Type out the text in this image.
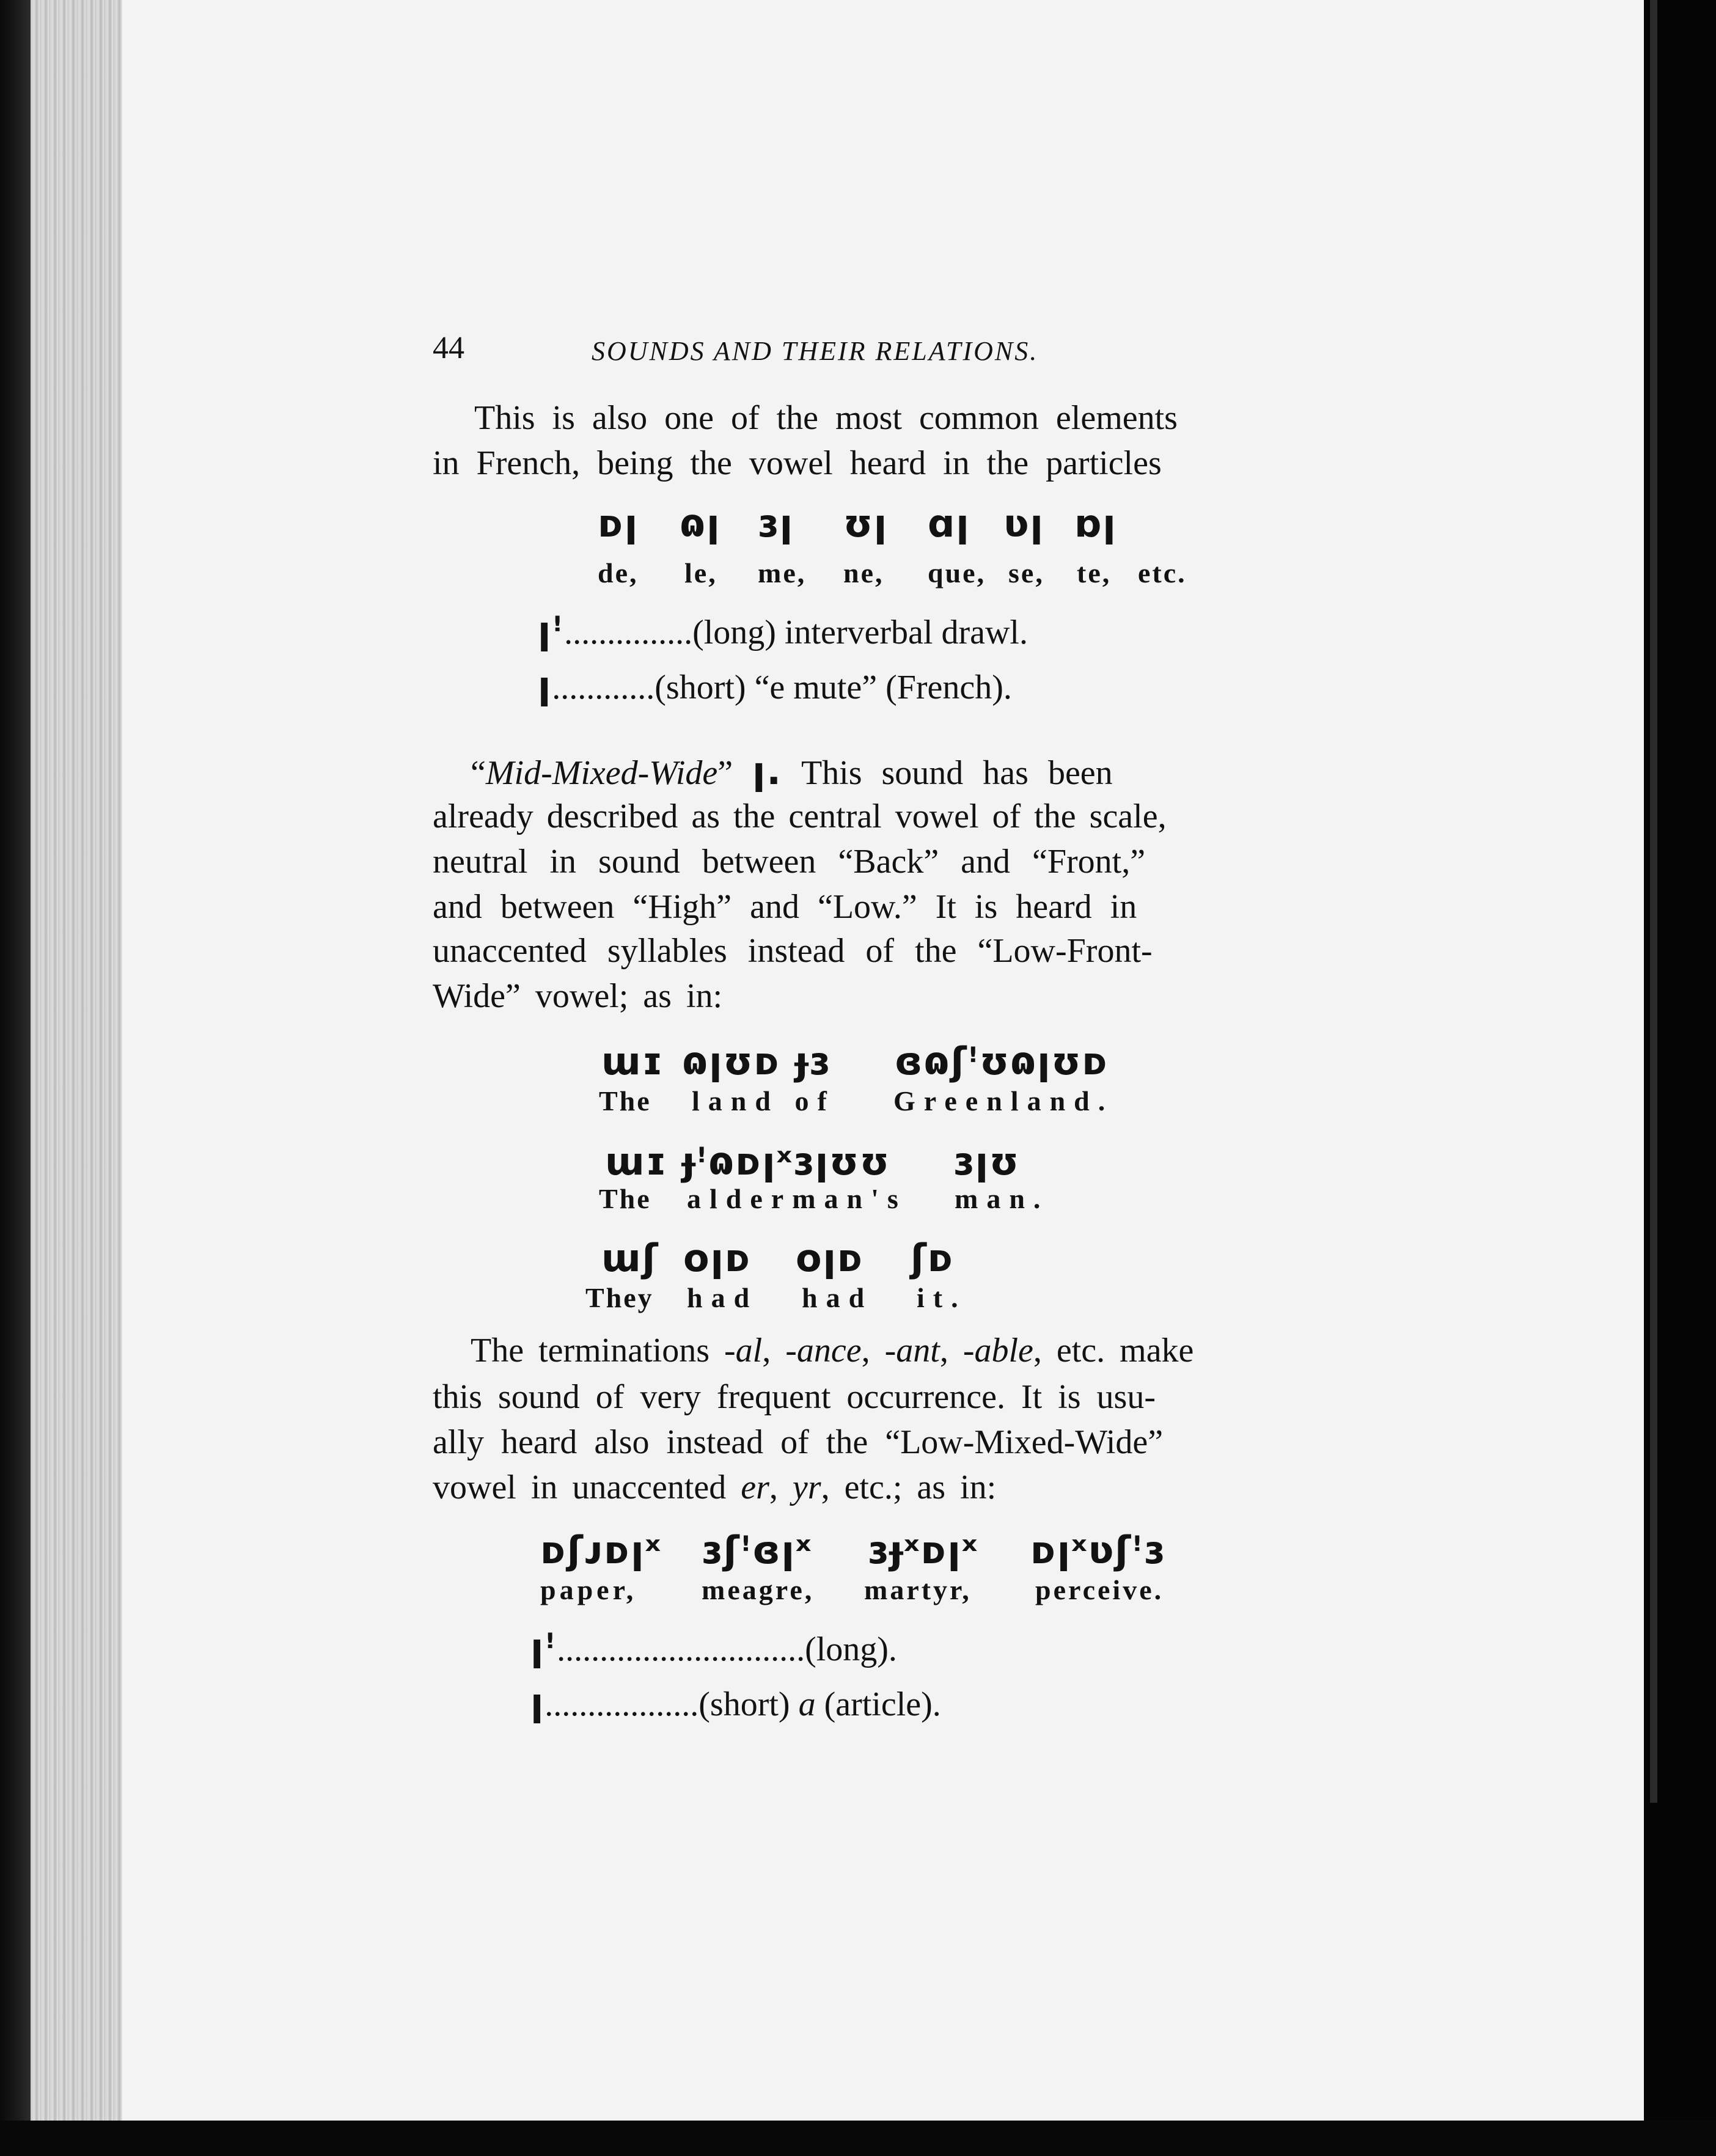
44	SOUNDS AND THEIR RELATIONS.
This is also one of the most common elements
in French, being the vowel heard in the particles
ᴅꞁ ɷꞁ ɜꞁ ʊꞁ ɑꞁ ʋꞁ ɒꞁ
de, le, me, ne, que, se, te, etc.
ꞁꜝ...............(long) interverbal drawl.
ꞁ............(short) “e mute” (French).
“Mid-Mixed-Wide” ꞁ. This sound has been
already described as the central vowel of the scale,
neutral in sound between “Back” and “Front,”
and between “High” and “Low.” It is heard in
unaccented syllables instead of the “Low-Front-
Wide” vowel; as in:
ɯɪ ɷꞁʊᴅ ɟɜ ɞɷʃꜝʊɷꞁʊᴅ
The land of Greenland.
ɯɪ ɟꜝɷᴅꞁˣɜꞁʊʊ ɜꞁʊ
The alderman's man.
ɯʃ ᴏꞁᴅ ᴏꞁᴅ ʃᴅ
They had had it.
The terminations -al, -ance, -ant, -able, etc. make
this sound of very frequent occurrence. It is usu-
ally heard also instead of the “Low-Mixed-Wide”
vowel in unaccented er, yr, etc.; as in:
ᴅʃᴊᴅꞁˣ ɜʃꜝɞꞁˣ ɜɟˣᴅꞁˣ ᴅꞁˣʋʃꜝɜ
paper, meagre, martyr, perceive.
ꞁꜝ.............................(long).
ꞁ..................(short) a (article).
